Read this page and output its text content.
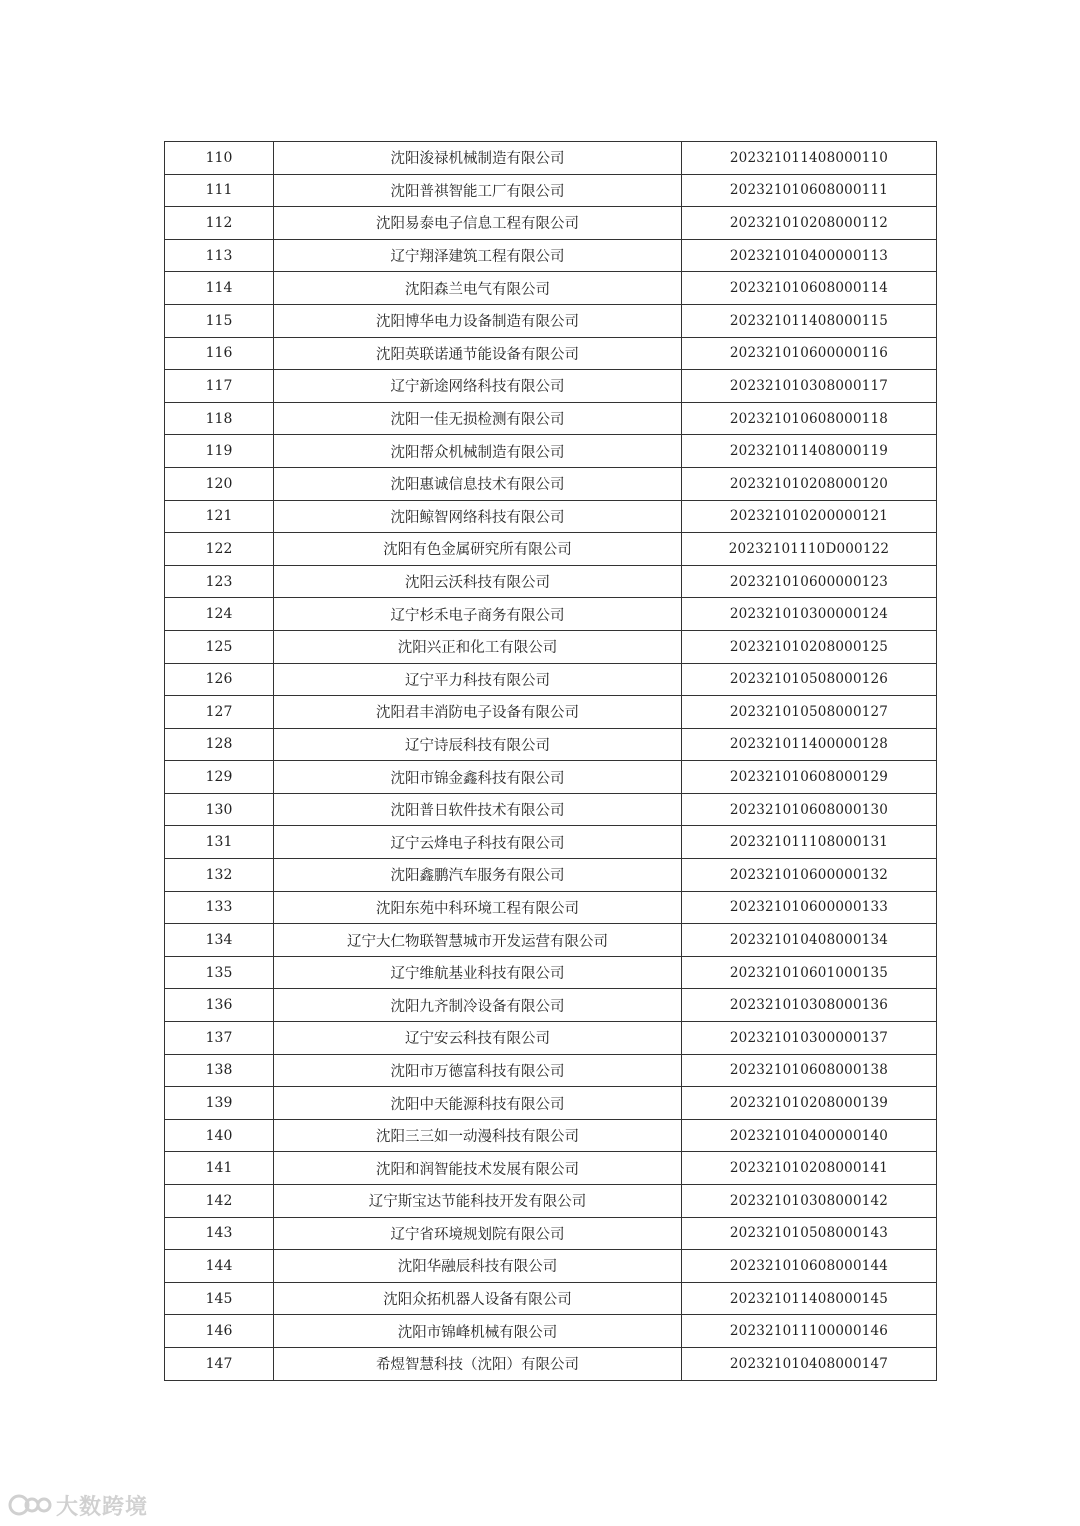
110	沈阳浚禄机械制造有限公司	202321011408000110
111	沈阳普祺智能工厂有限公司	202321010608000111
112	沈阳易泰电子信息工程有限公司	202321010208000112
113	辽宁翔泽建筑工程有限公司	202321010400000113
114	沈阳森兰电气有限公司	202321010608000114
115	沈阳博华电力设备制造有限公司	202321011408000115
116	沈阳英联诺通节能设备有限公司	202321010600000116
117	辽宁新途网络科技有限公司	202321010308000117
118	沈阳一佳无损检测有限公司	202321010608000118
119	沈阳帮众机械制造有限公司	202321011408000119
120	沈阳惠诚信息技术有限公司	202321010208000120
121	沈阳鲸智网络科技有限公司	202321010200000121
122	沈阳有色金属研究所有限公司	20232101110D000122
123	沈阳云沃科技有限公司	202321010600000123
124	辽宁杉禾电子商务有限公司	202321010300000124
125	沈阳兴正和化工有限公司	202321010208000125
126	辽宁平力科技有限公司	202321010508000126
127	沈阳君丰消防电子设备有限公司	202321010508000127
128	辽宁诗辰科技有限公司	202321011400000128
129	沈阳市锦金鑫科技有限公司	202321010608000129
130	沈阳普日软件技术有限公司	202321010608000130
131	辽宁云烽电子科技有限公司	202321011108000131
132	沈阳鑫鹏汽车服务有限公司	202321010600000132
133	沈阳东苑中科环境工程有限公司	202321010600000133
134	辽宁大仁物联智慧城市开发运营有限公司	202321010408000134
135	辽宁维航基业科技有限公司	202321010601000135
136	沈阳九齐制冷设备有限公司	202321010308000136
137	辽宁安云科技有限公司	202321010300000137
138	沈阳市万德富科技有限公司	202321010608000138
139	沈阳中天能源科技有限公司	202321010208000139
140	沈阳三三如一动漫科技有限公司	202321010400000140
141	沈阳和润智能技术发展有限公司	202321010208000141
142	辽宁斯宝达节能科技开发有限公司	202321010308000142
143	辽宁省环境规划院有限公司	202321010508000143
144	沈阳华融辰科技有限公司	202321010608000144
145	沈阳众拓机器人设备有限公司	202321011408000145
146	沈阳市锦峰机械有限公司	202321011100000146
147	希煜智慧科技（沈阳）有限公司	202321010408000147
大数跨境
